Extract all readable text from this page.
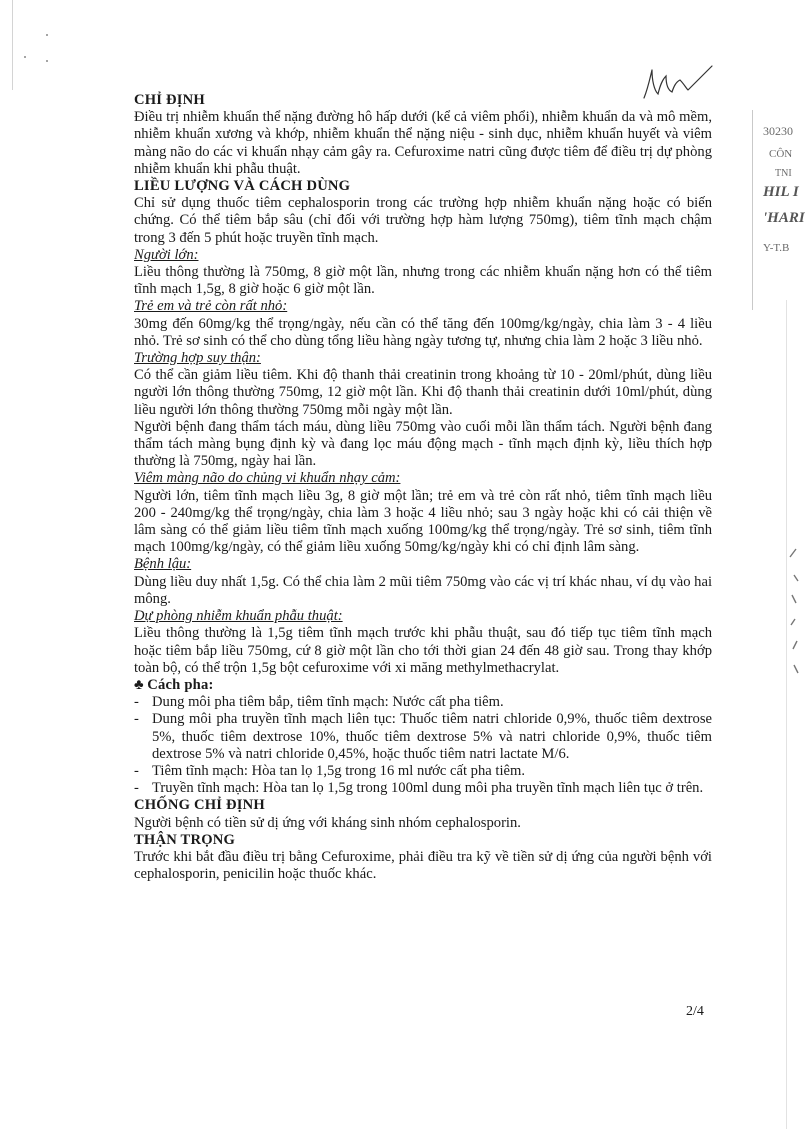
30230
CÔN
TNI
HIL I
'HARI
Y-T.B

CHỈ ĐỊNH

Điều trị nhiễm khuẩn thể nặng đường hô hấp dưới (kể cả viêm phổi), nhiễm khuẩn da và mô mềm, nhiễm khuẩn xương và khớp, nhiễm khuẩn thể nặng niệu - sinh dục, nhiễm khuẩn huyết và viêm màng não do các vi khuẩn nhạy cảm gây ra. Cefuroxime natri cũng được tiêm để điều trị dự phòng nhiễm khuẩn khi phẫu thuật.

LIỀU LƯỢNG VÀ CÁCH DÙNG

Chỉ sử dụng thuốc tiêm cephalosporin trong các trường hợp nhiễm khuẩn nặng hoặc có biến chứng. Có thể tiêm bắp sâu (chỉ đối với trường hợp hàm lượng 750mg), tiêm tĩnh mạch chậm trong 3 đến 5 phút hoặc truyền tĩnh mạch.

Người lớn:

Liều thông thường là 750mg, 8 giờ một lần, nhưng trong các nhiễm khuẩn nặng hơn có thể tiêm tĩnh mạch 1,5g, 8 giờ hoặc 6 giờ một lần.

Trẻ em và trẻ còn rất nhỏ:

30mg đến 60mg/kg thể trọng/ngày, nếu cần có thể tăng đến 100mg/kg/ngày, chia làm 3 - 4 liều nhỏ. Trẻ sơ sinh có thể cho dùng tổng liều hàng ngày tương tự, nhưng chia làm 2 hoặc 3 liều nhỏ.

Trường hợp suy thận:

Có thể cần giảm liều tiêm. Khi độ thanh thải creatinin trong khoảng từ 10 - 20ml/phút, dùng liều người lớn thông thường 750mg, 12 giờ một lần. Khi độ thanh thải creatinin dưới 10ml/phút, dùng liều người lớn thông thường 750mg mỗi ngày một lần.

Người bệnh đang thẩm tách máu, dùng liều 750mg vào cuối mỗi lần thẩm tách. Người bệnh đang thẩm tách màng bụng định kỳ và đang lọc máu động mạch - tĩnh mạch định kỳ, liều thích hợp thường là 750mg, ngày hai lần.

Viêm màng não do chủng vi khuẩn nhạy cảm:

Người lớn, tiêm tĩnh mạch liều 3g, 8 giờ một lần; trẻ em và trẻ còn rất nhỏ, tiêm tĩnh mạch liều 200 - 240mg/kg thể trọng/ngày, chia làm 3 hoặc 4 liều nhỏ; sau 3 ngày hoặc khi có cải thiện về lâm sàng có thể giảm liều tiêm tĩnh mạch xuống 100mg/kg thể trọng/ngày. Trẻ sơ sinh, tiêm tĩnh mạch 100mg/kg/ngày, có thể giảm liều xuống 50mg/kg/ngày khi có chỉ định lâm sàng.

Bệnh lậu:

Dùng liều duy nhất 1,5g. Có thể chia làm 2 mũi tiêm 750mg vào các vị trí khác nhau, ví dụ vào hai mông.

Dự phòng nhiễm khuẩn phẫu thuật:

Liều thông thường là 1,5g tiêm tĩnh mạch trước khi phẫu thuật, sau đó tiếp tục tiêm tĩnh mạch hoặc tiêm bắp liều 750mg, cứ 8 giờ một lần cho tới thời gian 24 đến 48 giờ sau. Trong thay khớp toàn bộ, có thể trộn 1,5g bột cefuroxime với xi măng methylmethacrylat.

♣ Cách pha:

- Dung môi pha tiêm bắp, tiêm tĩnh mạch: Nước cất pha tiêm.
- Dung môi pha truyền tĩnh mạch liên tục: Thuốc tiêm natri chloride 0,9%, thuốc tiêm dextrose 5%, thuốc tiêm dextrose 10%, thuốc tiêm dextrose 5% và natri chloride 0,9%, thuốc tiêm dextrose 5% và natri chloride 0,45%, hoặc thuốc tiêm natri lactate M/6.
- Tiêm tĩnh mạch: Hòa tan lọ 1,5g trong 16 ml nước cất pha tiêm.
- Truyền tĩnh mạch: Hòa tan lọ 1,5g trong 100ml dung môi pha truyền tĩnh mạch liên tục ở trên.

CHỐNG CHỈ ĐỊNH

Người bệnh có tiền sử dị ứng với kháng sinh nhóm cephalosporin.

THẬN TRỌNG

Trước khi bắt đầu điều trị bằng Cefuroxime, phải điều tra kỹ về tiền sử dị ứng của người bệnh với cephalosporin, penicilin hoặc thuốc khác.

2/4
